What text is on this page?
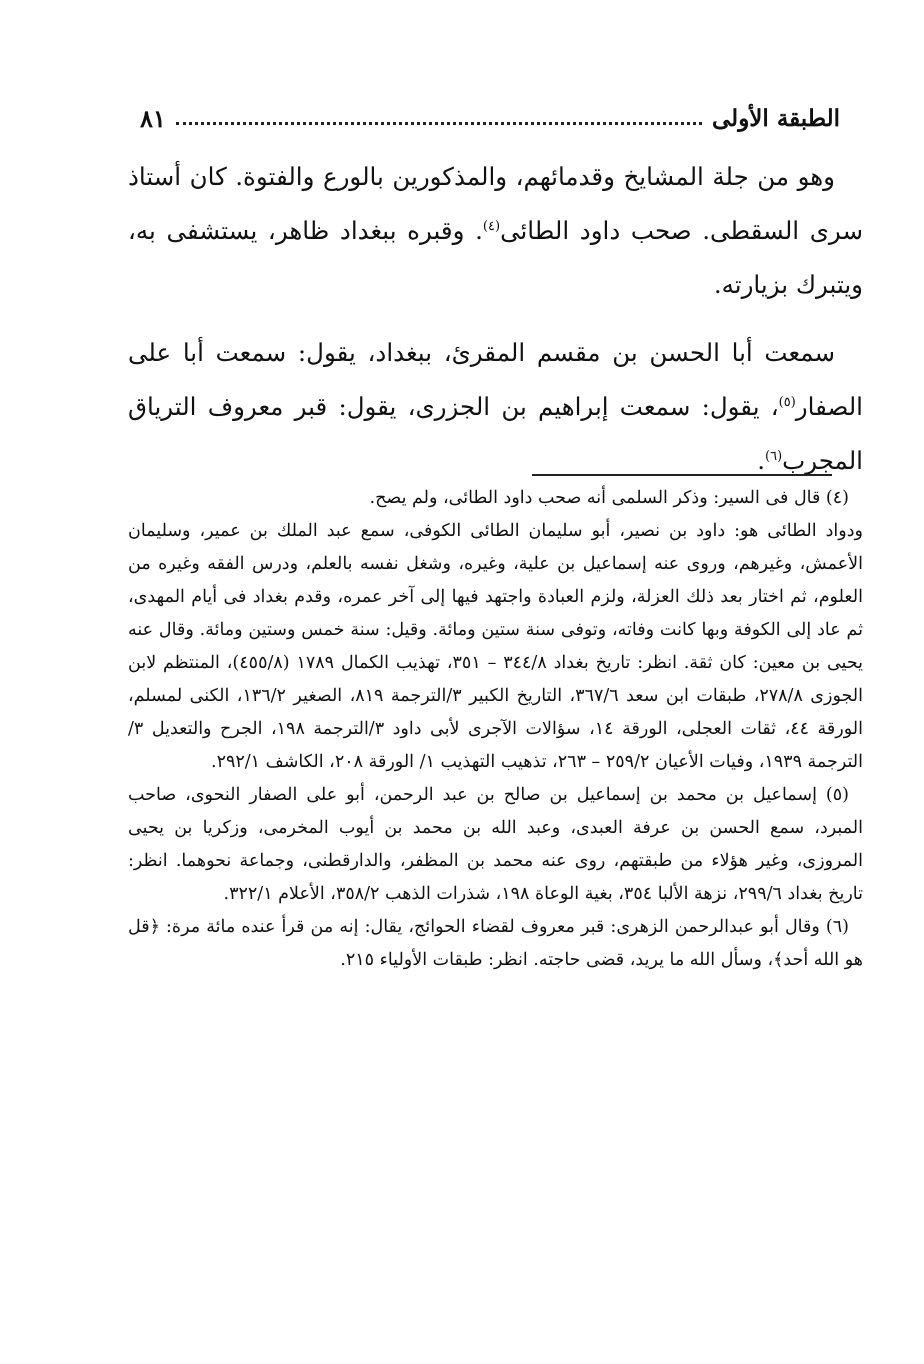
الطبقة الأولى
٨١

وهو من جلة المشايخ وقدمائهم، والمذكورين بالورع والفتوة. كان أستاذ سرى السقطى. صحب داود الطائى$^{(٤)}$. وقبره ببغداد ظاهر، يستشفى به، ويتبرك بزيارته.

سمعت أبا الحسن بن مقسم المقرئ، ببغداد، يقول: سمعت أبا على الصفار$^{(٥)}$، يقول: سمعت إبراهيم بن الجزرى، يقول: قبر معروف الترياق المجرب$^{(٦)}$.

(٤) قال فى السير: وذكر السلمى أنه صحب داود الطائى، ولم يصح.

ودواد الطائى هو: داود بن نصير، أبو سليمان الطائى الكوفى، سمع عبد الملك بن عمير، وسليمان الأعمش، وغيرهم، وروى عنه إسماعيل بن علية، وغيره، وشغل نفسه بالعلم، ودرس الفقه وغيره من العلوم، ثم اختار بعد ذلك العزلة، ولزم العبادة واجتهد فيها إلى آخر عمره، وقدم بغداد فى أيام المهدى، ثم عاد إلى الكوفة وبها كانت وفاته، وتوفى سنة ستين ومائة. وقيل: سنة خمس وستين ومائة. وقال عنه يحيى بن معين: كان ثقة. انظر: تاريخ بغداد ٣٤٤/٨ – ٣٥١، تهذيب الكمال ١٧٨٩ (٤٥٥/٨)، المنتظم لابن الجوزى ٢٧٨/٨، طبقات ابن سعد ٣٦٧/٦، التاريخ الكبير ٣/الترجمة ٨١٩، الصغير ١٣٦/٢، الكنى لمسلم، الورقة ٤٤، ثقات العجلى، الورقة ١٤، سؤالات الآجرى لأبى داود ٣/الترجمة ١٩٨، الجرح والتعديل ٣/ الترجمة ١٩٣٩، وفيات الأعيان ٢٥٩/٢ – ٢٦٣، تذهيب التهذيب ١/ الورقة ٢٠٨، الكاشف ٢٩٢/١.

(٥) إسماعيل بن محمد بن إسماعيل بن صالح بن عبد الرحمن، أبو على الصفار النحوى، صاحب المبرد، سمع الحسن بن عرفة العبدى، وعبد الله بن محمد بن أيوب المخرمى، وزكريا بن يحيى المروزى، وغير هؤلاء من طبقتهم، روى عنه محمد بن المظفر، والدارقطنى، وجماعة نحوهما. انظر: تاريخ بغداد ٢٩٩/٦، نزهة الألبا ٣٥٤، بغية الوعاة ١٩٨، شذرات الذهب ٣٥٨/٢، الأعلام ٣٢٢/١.

(٦) وقال أبو عبدالرحمن الزهرى: قبر معروف لقضاء الحوائج، يقال: إنه من قرأ عنده مائة مرة: ﴿قل هو الله أحد﴾، وسأل الله ما يريد، قضى حاجته. انظر: طبقات الأولياء ٢١٥.
